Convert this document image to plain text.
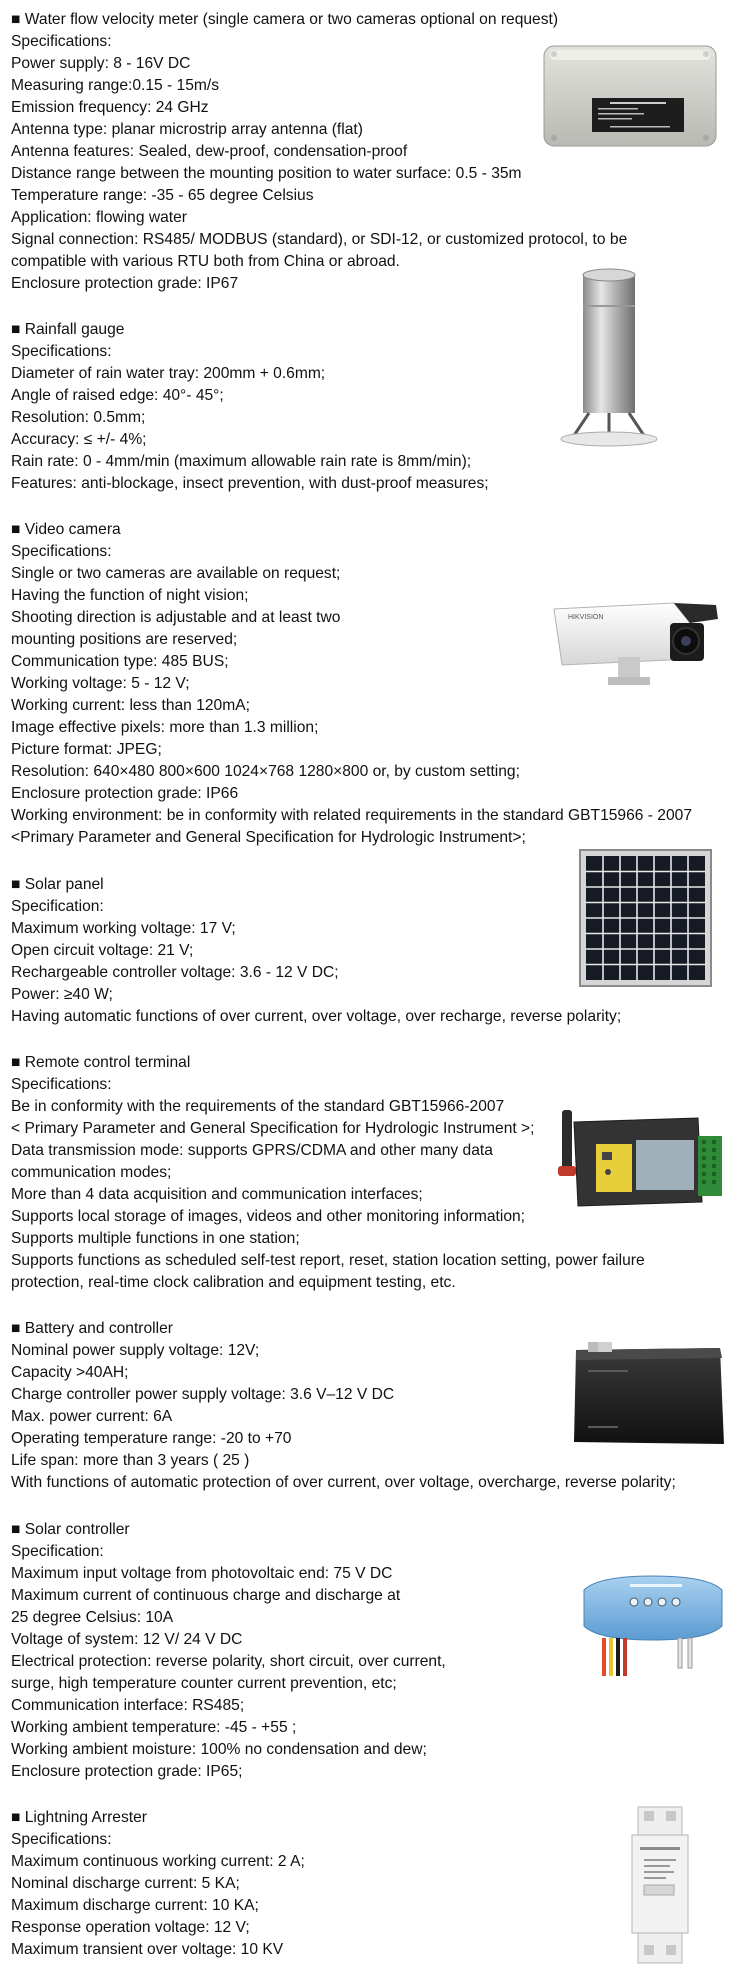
■ Water flow velocity meter (single camera or two cameras optional on request)
Specifications:
Power supply: 8 - 16V DC
Measuring range:0.15 - 15m/s
Emission frequency: 24 GHz
Antenna type: planar microstrip array antenna (flat)
Antenna features: Sealed, dew-proof, condensation-proof
Distance range between the mounting position to water surface: 0.5 - 35m
Temperature range: -35 - 65 degree Celsius
Application: flowing water
Signal connection: RS485/ MODBUS (standard), or SDI-12, or customized protocol, to be
compatible with various RTU both from China or abroad.
Enclosure protection grade: IP67
■ Rainfall gauge
Specifications:
Diameter of rain water tray: 200mm + 0.6mm;
Angle of raised edge: 40°- 45°;
Resolution: 0.5mm;
Accuracy: ≤ +/- 4%;
Rain rate: 0 - 4mm/min (maximum allowable rain rate is 8mm/min);
Features: anti-blockage, insect prevention, with dust-proof measures;
■ Video camera
Specifications:
Single or two cameras are available on request;
Having the function of night vision;
Shooting direction is adjustable and at least two
mounting positions are reserved;
Communication type: 485 BUS;
Working voltage: 5 - 12 V;
Working current: less than 120mA;
Image effective pixels: more than 1.3 million;
Picture format: JPEG;
Resolution: 640×480 800×600 1024×768 1280×800 or, by custom setting;
Enclosure protection grade: IP66
Working environment: be in conformity with related requirements in the standard GBT15966 - 2007
<Primary Parameter and General Specification for Hydrologic Instrument>;
■ Solar panel
Specification:
Maximum working voltage: 17 V;
Open circuit voltage: 21 V;
Rechargeable controller voltage: 3.6 - 12 V DC;
Power: ≥40 W;
Having automatic functions of over current, over voltage, over recharge, reverse polarity;
■ Remote control terminal
Specifications:
Be in conformity with the requirements of the standard GBT15966-2007
< Primary Parameter and General Specification for Hydrologic Instrument >;
Data transmission mode: supports GPRS/CDMA and other many data
communication modes;
More than 4 data acquisition and communication interfaces;
Supports local storage of images, videos and other monitoring information;
Supports multiple functions in one station;
Supports functions as scheduled self-test report, reset, station location setting, power failure
protection, real-time clock calibration and equipment testing, etc.
■ Battery and controller
Nominal power supply voltage: 12V;
Capacity >40AH;
Charge controller power supply voltage: 3.6 V–12 V DC
Max. power current: 6A
Operating temperature range: -20 to +70
Life span: more than 3 years ( 25 )
With functions of automatic protection of over current, over voltage, overcharge, reverse polarity;
■ Solar controller
Specification:
Maximum input voltage from photovoltaic end: 75 V DC
Maximum current of continuous charge and discharge at
25 degree Celsius: 10A
Voltage of system: 12 V/ 24 V DC
Electrical protection: reverse polarity, short circuit, over current,
surge, high temperature counter current prevention, etc;
Communication interface: RS485;
Working ambient temperature: -45 - +55 ;
Working ambient moisture: 100% no condensation and dew;
Enclosure protection grade: IP65;
■ Lightning Arrester
Specifications:
Maximum continuous working current: 2 A;
Nominal discharge current: 5 KA;
Maximum discharge current: 10 KA;
Response operation voltage: 12 V;
Maximum transient over voltage: 10 KV
HIKVISION
